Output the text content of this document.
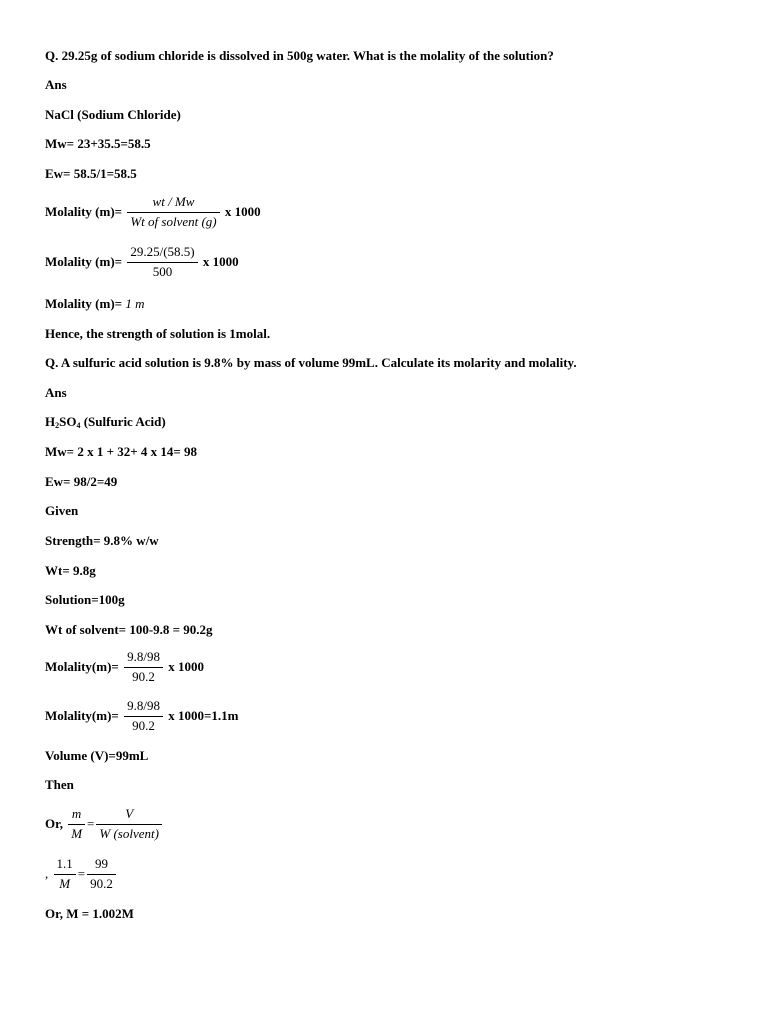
Q. 29.25g of sodium chloride is dissolved in 500g water. What is the molality of the solution?
Ans
NaCl (Sodium Chloride)
Mw= 23+35.5=58.5
Ew= 58.5/1=58.5
Molality $(m)= \frac{wt / Mw}{\text{Wt of solvent (g)}}$ x 1000
Molality $(m)= \frac{29.25/(58.5)}{500}$ x 1000
Molality (m)= 1 m
Hence, the strength of solution is 1molal.
Q. A sulfuric acid solution is 9.8% by mass of volume 99mL. Calculate its molarity and molality.
Ans
$H_2SO_4$ (Sulfuric Acid)
Mw= 2 x 1 + 32+ 4 x 14= 98
Ew= 98/2=49
Given
Strength= 9.8% w/w
Wt= 9.8g
Solution=100g
Wt of solvent= 100-9.8 = 90.2g
Molality(m)= $\frac{9.8/98}{90.2}$ x 1000
Molality(m)= $\frac{9.8/98}{90.2}$ x 1000=1.1m
Volume (V)=99mL
Then
Or, $\frac{m}{M} = \frac{V}{\text{W (solvent)}}$
, $\frac{1.1}{M} = \frac{99}{90.2}$
Or, M = 1.002M
